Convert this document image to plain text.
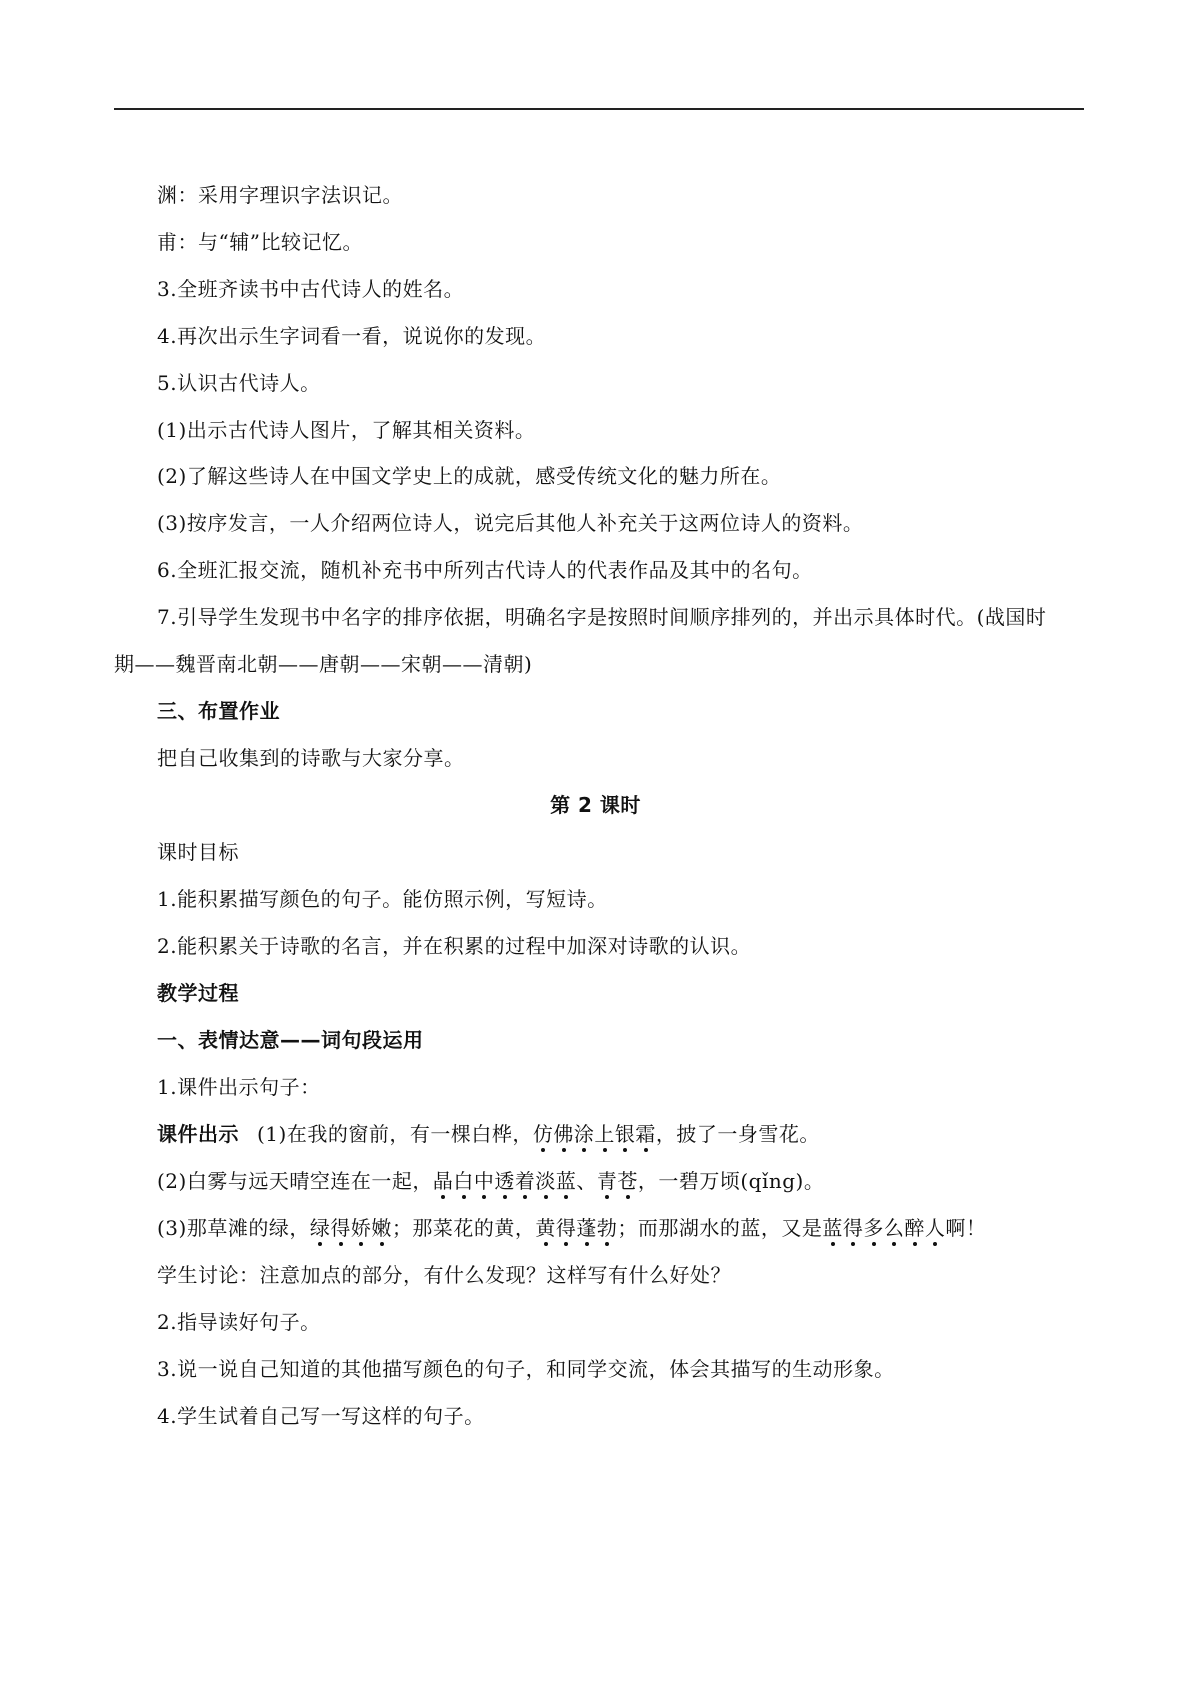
渊：采用字理识字法识记。
甫：与“辅”比较记忆。
3.全班齐读书中古代诗人的姓名。
4.再次出示生字词看一看，说说你的发现。
5.认识古代诗人。
(1)出示古代诗人图片，了解其相关资料。
(2)了解这些诗人在中国文学史上的成就，感受传统文化的魅力所在。
(3)按序发言，一人介绍两位诗人，说完后其他人补充关于这两位诗人的资料。
6.全班汇报交流，随机补充书中所列古代诗人的代表作品及其中的名句。
7.引导学生发现书中名字的排序依据，明确名字是按照时间顺序排列的，并出示具体时代。(战国时
期——魏晋南北朝——唐朝——宋朝——清朝)
三、布置作业
把自己收集到的诗歌与大家分享。
第 2 课时
课时目标
1.能积累描写颜色的句子。能仿照示例，写短诗。
2.能积累关于诗歌的名言，并在积累的过程中加深对诗歌的认识。
教学过程
一、表情达意——词句段运用
1.课件出示句子：
课件出示 (1)在我的窗前，有一棵白桦，仿佛涂上银霜，披了一身雪花。
(2)白雾与远天晴空连在一起，晶白中透着淡蓝、青苍，一碧万顷(qǐng)。
(3)那草滩的绿，绿得娇嫩；那菜花的黄，黄得蓬勃；而那湖水的蓝，又是蓝得多么醉人啊！
学生讨论：注意加点的部分，有什么发现？这样写有什么好处？
2.指导读好句子。
3.说一说自己知道的其他描写颜色的句子，和同学交流，体会其描写的生动形象。
4.学生试着自己写一写这样的句子。
